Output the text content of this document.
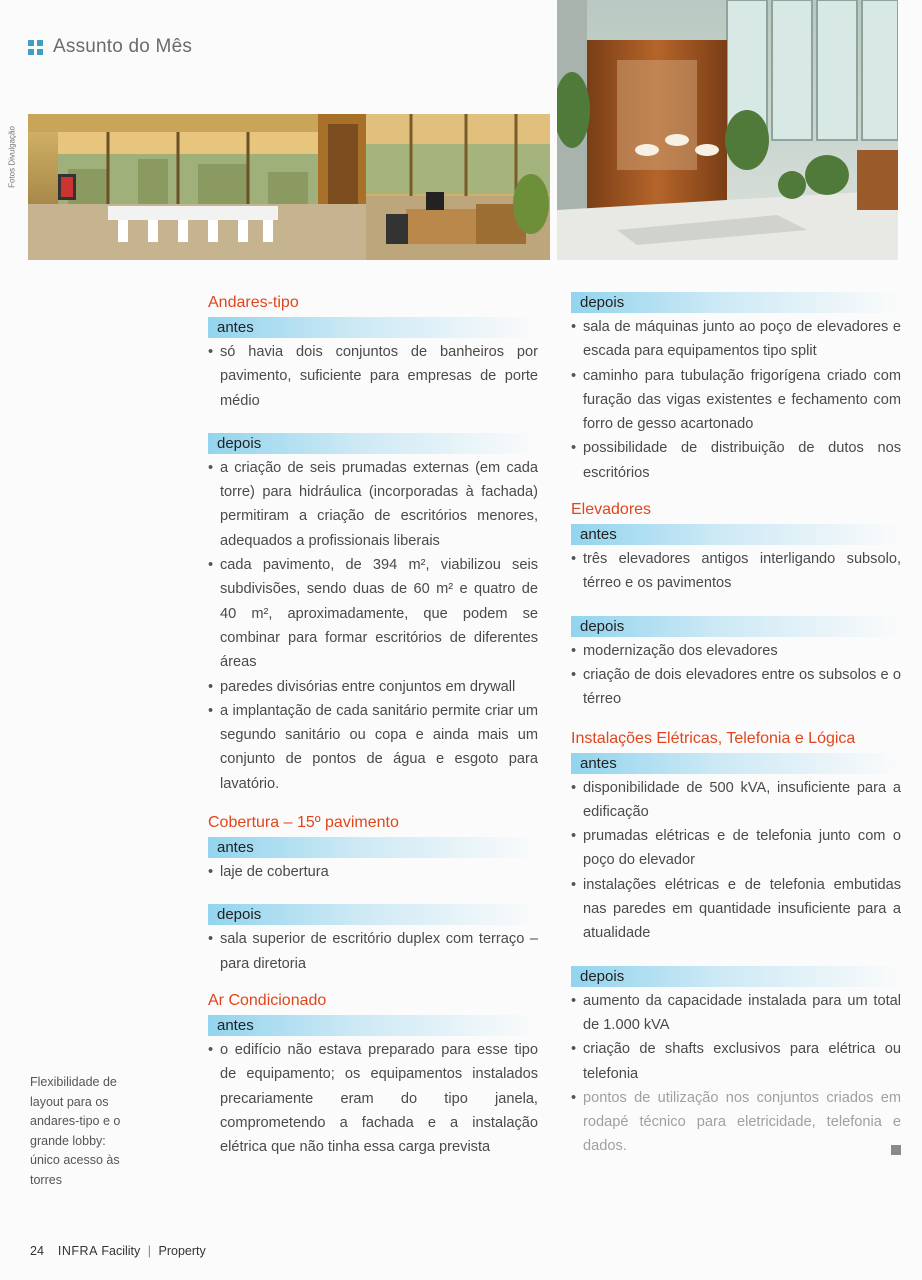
Assunto do Mês
Fotos Divulgação
Andares-tipo
antes
• só havia dois conjuntos de banheiros por pavimento, suficiente para empresas de porte médio
depois
• a criação de seis prumadas externas (em cada torre) para hidráulica (incorporadas à fachada) permitiram a criação de escritórios menores, adequados a profissionais liberais
• cada pavimento, de 394 m², viabilizou seis subdivisões, sendo duas de 60 m² e quatro de 40 m², aproximadamente, que podem se combinar para formar escritórios de diferentes áreas
• paredes divisórias entre conjuntos em drywall
• a implantação de cada sanitário permite criar um segundo sanitário ou copa e ainda mais um conjunto de pontos de água e esgoto para lavatório.
Cobertura – 15º pavimento
antes
• laje de cobertura
depois
• sala superior de escritório duplex com terraço – para diretoria
Ar Condicionado
antes
• o edifício não estava preparado para esse tipo de equipamento; os equipamentos instalados precariamente eram do tipo janela, comprometendo a fachada e a instalação elétrica que não tinha essa carga prevista
depois
• sala de máquinas junto ao poço de elevadores e escada para equipamentos tipo split
• caminho para tubulação frigorígena criado com furação das vigas existentes e fechamento com forro de gesso acartonado
• possibilidade de distribuição de dutos nos escritórios
Elevadores
antes
• três elevadores antigos interligando subsolo, térreo e os pavimentos
depois
• modernização dos elevadores
• criação de dois elevadores entre os subsolos e o térreo
Instalações Elétricas, Telefonia e Lógica
antes
• disponibilidade de 500 kVA, insuficiente para a edificação
• prumadas elétricas e de telefonia junto com o poço do elevador
• instalações elétricas e de telefonia embutidas nas paredes em quantidade insuficiente para a atualidade
depois
• aumento da capacidade instalada para um total de 1.000 kVA
• criação de shafts exclusivos para elétrica ou telefonia
• pontos de utilização nos conjuntos criados em rodapé técnico para eletricidade, telefonia e dados.
Flexibilidade de layout para os andares-tipo e o grande lobby: único acesso às torres
24 INFRA Facility | Property
